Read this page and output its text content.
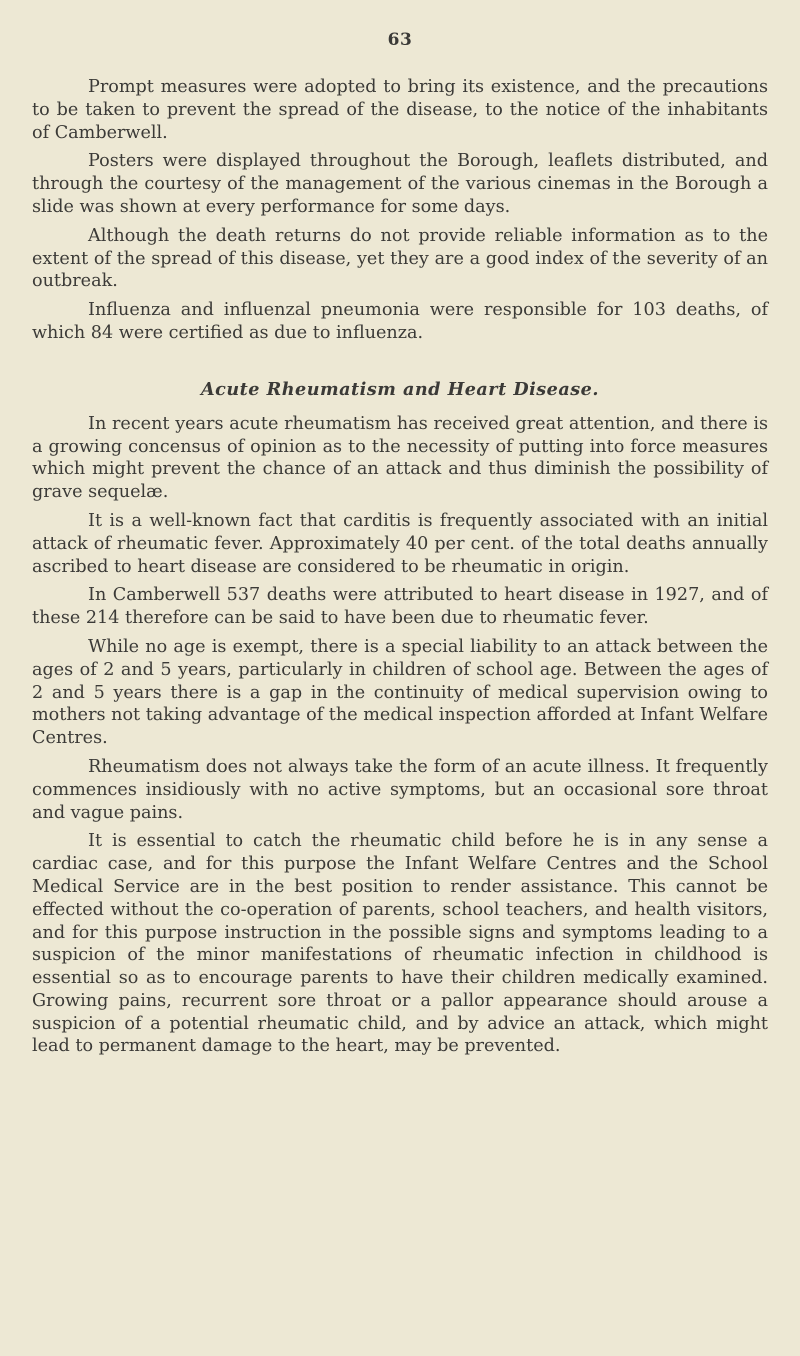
63

Prompt measures were adopted to bring its existence, and the precautions to be taken to prevent the spread of the disease, to the notice of the inhabitants of Camberwell.

Posters were displayed throughout the Borough, leaflets distributed, and through the courtesy of the management of the various cinemas in the Borough a slide was shown at every performance for some days.

Although the death returns do not provide reliable information as to the extent of the spread of this disease, yet they are a good index of the severity of an outbreak.

Influenza and influenzal pneumonia were responsible for 103 deaths, of which 84 were certified as due to influenza.

Acute Rheumatism and Heart Disease.

In recent years acute rheumatism has received great attention, and there is a growing concensus of opinion as to the necessity of putting into force measures which might prevent the chance of an attack and thus diminish the possibility of grave sequelæ.

It is a well-known fact that carditis is frequently associated with an initial attack of rheumatic fever. Approximately 40 per cent. of the total deaths annually ascribed to heart disease are considered to be rheumatic in origin.

In Camberwell 537 deaths were attributed to heart disease in 1927, and of these 214 therefore can be said to have been due to rheumatic fever.

While no age is exempt, there is a special liability to an attack between the ages of 2 and 5 years, particularly in children of school age. Between the ages of 2 and 5 years there is a gap in the continuity of medical supervision owing to mothers not taking advantage of the medical inspection afforded at Infant Welfare Centres.

Rheumatism does not always take the form of an acute illness. It frequently commences insidiously with no active symptoms, but an occasional sore throat and vague pains.

It is essential to catch the rheumatic child before he is in any sense a cardiac case, and for this purpose the Infant Welfare Centres and the School Medical Service are in the best position to render assistance. This cannot be effected without the co-operation of parents, school teachers, and health visitors, and for this purpose instruction in the possible signs and symptoms leading to a suspicion of the minor manifestations of rheumatic infection in childhood is essential so as to encourage parents to have their children medically examined. Growing pains, recurrent sore throat or a pallor appearance should arouse a suspicion of a potential rheumatic child, and by advice an attack, which might lead to permanent damage to the heart, may be prevented.
